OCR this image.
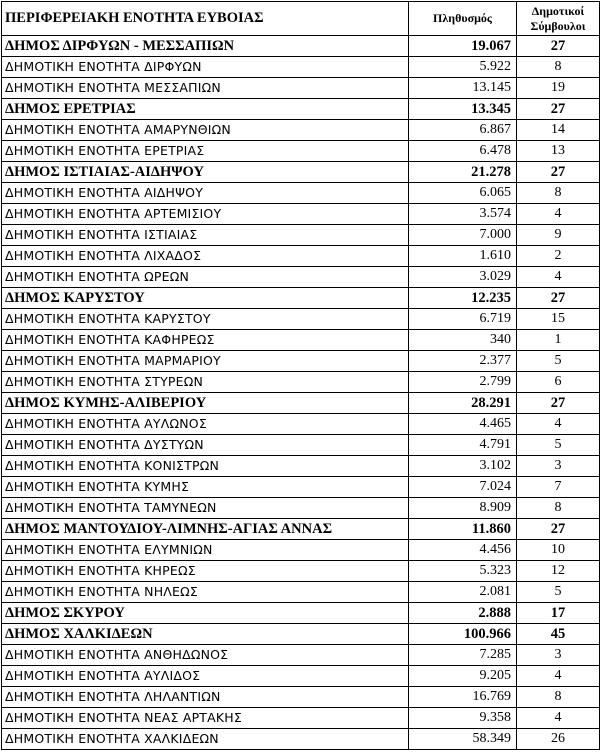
ΠΕΡΙΦΕΡΕΙΑΚΗ ΕΝΟΤΗΤΑ ΕΥΒΟΙΑΣ	Πληθυσμός	Δημοτικοί
Σύμβουλοι
ΔΗΜΟΣ ΔΙΡΦΥΩΝ - ΜΕΣΣΑΠΙΩΝ	19.067	27
ΔΗΜΟΤΙΚΗ ΕΝΟΤΗΤΑ ΔΙΡΦΥΩΝ	5.922	8
ΔΗΜΟΤΙΚΗ ΕΝΟΤΗΤΑ ΜΕΣΣΑΠΙΩΝ	13.145	19
ΔΗΜΟΣ ΕΡΕΤΡΙΑΣ	13.345	27
ΔΗΜΟΤΙΚΗ ΕΝΟΤΗΤΑ ΑΜΑΡΥΝΘΙΩΝ	6.867	14
ΔΗΜΟΤΙΚΗ ΕΝΟΤΗΤΑ ΕΡΕΤΡΙΑΣ	6.478	13
ΔΗΜΟΣ ΙΣΤΙΑΙΑΣ-ΑΙΔΗΨΟΥ	21.278	27
ΔΗΜΟΤΙΚΗ ΕΝΟΤΗΤΑ ΑΙΔΗΨΟΥ	6.065	8
ΔΗΜΟΤΙΚΗ ΕΝΟΤΗΤΑ ΑΡΤΕΜΙΣΙΟΥ	3.574	4
ΔΗΜΟΤΙΚΗ ΕΝΟΤΗΤΑ ΙΣΤΙΑΙΑΣ	7.000	9
ΔΗΜΟΤΙΚΗ ΕΝΟΤΗΤΑ ΛΙΧΑΔΟΣ	1.610	2
ΔΗΜΟΤΙΚΗ ΕΝΟΤΗΤΑ ΩΡΕΩΝ	3.029	4
ΔΗΜΟΣ ΚΑΡΥΣΤΟΥ	12.235	27
ΔΗΜΟΤΙΚΗ ΕΝΟΤΗΤΑ ΚΑΡΥΣΤΟΥ	6.719	15
ΔΗΜΟΤΙΚΗ ΕΝΟΤΗΤΑ ΚΑΦΗΡΕΩΣ	340	1
ΔΗΜΟΤΙΚΗ ΕΝΟΤΗΤΑ ΜΑΡΜΑΡΙΟΥ	2.377	5
ΔΗΜΟΤΙΚΗ ΕΝΟΤΗΤΑ ΣΤΥΡΕΩΝ	2.799	6
ΔΗΜΟΣ ΚΥΜΗΣ-ΑΛΙΒΕΡΙΟΥ	28.291	27
ΔΗΜΟΤΙΚΗ ΕΝΟΤΗΤΑ ΑΥΛΩΝΟΣ	4.465	4
ΔΗΜΟΤΙΚΗ ΕΝΟΤΗΤΑ ΔΥΣΤΥΩΝ	4.791	5
ΔΗΜΟΤΙΚΗ ΕΝΟΤΗΤΑ ΚΟΝΙΣΤΡΩΝ	3.102	3
ΔΗΜΟΤΙΚΗ ΕΝΟΤΗΤΑ ΚΥΜΗΣ	7.024	7
ΔΗΜΟΤΙΚΗ ΕΝΟΤΗΤΑ ΤΑΜΥΝΕΩΝ	8.909	8
ΔΗΜΟΣ ΜΑΝΤΟΥΔΙΟΥ-ΛΙΜΝΗΣ-ΑΓΙΑΣ ΑΝΝΑΣ	11.860	27
ΔΗΜΟΤΙΚΗ ΕΝΟΤΗΤΑ ΕΛΥΜΝΙΩΝ	4.456	10
ΔΗΜΟΤΙΚΗ ΕΝΟΤΗΤΑ ΚΗΡΕΩΣ	5.323	12
ΔΗΜΟΤΙΚΗ ΕΝΟΤΗΤΑ ΝΗΛΕΩΣ	2.081	5
ΔΗΜΟΣ ΣΚΥΡΟΥ	2.888	17
ΔΗΜΟΣ ΧΑΛΚΙΔΕΩΝ	100.966	45
ΔΗΜΟΤΙΚΗ ΕΝΟΤΗΤΑ ΑΝΘΗΔΩΝΟΣ	7.285	3
ΔΗΜΟΤΙΚΗ ΕΝΟΤΗΤΑ ΑΥΛΙΔΟΣ	9.205	4
ΔΗΜΟΤΙΚΗ ΕΝΟΤΗΤΑ ΛΗΛΑΝΤΙΩΝ	16.769	8
ΔΗΜΟΤΙΚΗ ΕΝΟΤΗΤΑ ΝΕΑΣ ΑΡΤΑΚΗΣ	9.358	4
ΔΗΜΟΤΙΚΗ ΕΝΟΤΗΤΑ ΧΑΛΚΙΔΕΩΝ	58.349	26
